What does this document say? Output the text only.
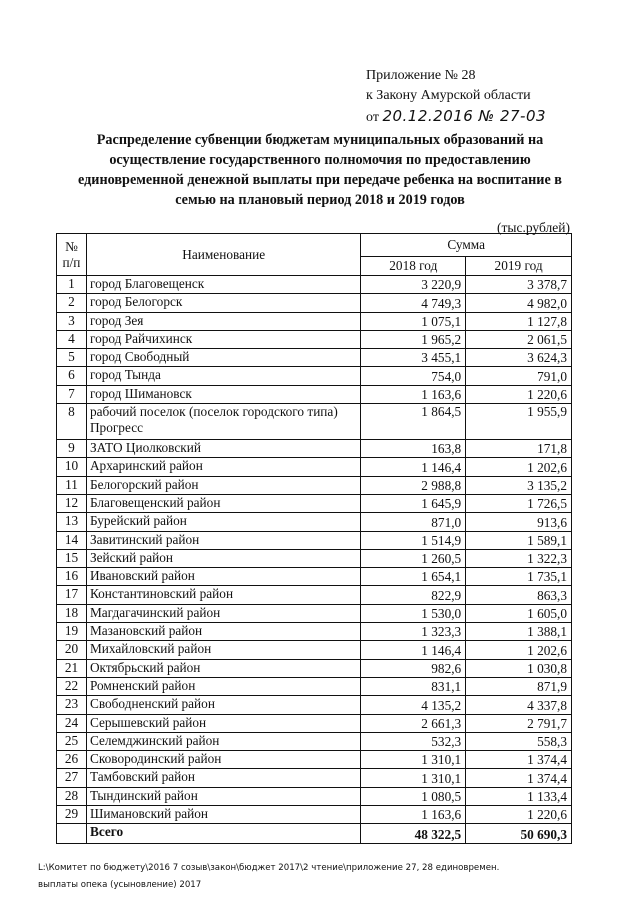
Приложение № 28
к Закону Амурской области
от 20.12.2016 № 27-03
Распределение субвенции бюджетам муниципальных образований на осуществление государственного полномочия по предоставлению единовременной денежной выплаты при передаче ребенка на воспитание в семью на плановый период 2018 и 2019 годов
(тыс.рублей)
№ п/п	Наименование	Сумма	
		2018 год	2019 год
1	город Благовещенск	3 220,9	3 378,7
2	город Белогорск	4 749,3	4 982,0
3	город Зея	1 075,1	1 127,8
4	город Райчихинск	1 965,2	2 061,5
5	город Свободный	3 455,1	3 624,3
6	город Тында	754,0	791,0
7	город Шимановск	1 163,6	1 220,6
8	рабочий поселок (поселок городского типа) Прогресс	1 864,5	1 955,9
9	ЗАТО Циолковский	163,8	171,8
10	Архаринский район	1 146,4	1 202,6
11	Белогорский район	2 988,8	3 135,2
12	Благовещенский район	1 645,9	1 726,5
13	Бурейский район	871,0	913,6
14	Завитинский район	1 514,9	1 589,1
15	Зейский район	1 260,5	1 322,3
16	Ивановский район	1 654,1	1 735,1
17	Константиновский район	822,9	863,3
18	Магдагачинский район	1 530,0	1 605,0
19	Мазановский район	1 323,3	1 388,1
20	Михайловский район	1 146,4	1 202,6
21	Октябрьский район	982,6	1 030,8
22	Ромненский район	831,1	871,9
23	Свободненский район	4 135,2	4 337,8
24	Серышевский район	2 661,3	2 791,7
25	Селемджинский район	532,3	558,3
26	Сковородинский район	1 310,1	1 374,4
27	Тамбовский район	1 310,1	1 374,4
28	Тындинский район	1 080,5	1 133,4
29	Шимановский район	1 163,6	1 220,6
	Всего	48 322,5	50 690,3
L:\Комитет по бюджету\2016 7 созыв\закон\бюджет 2017\2 чтение\приложение 27, 28 единовремен.
выплаты опека (усыновление) 2017
